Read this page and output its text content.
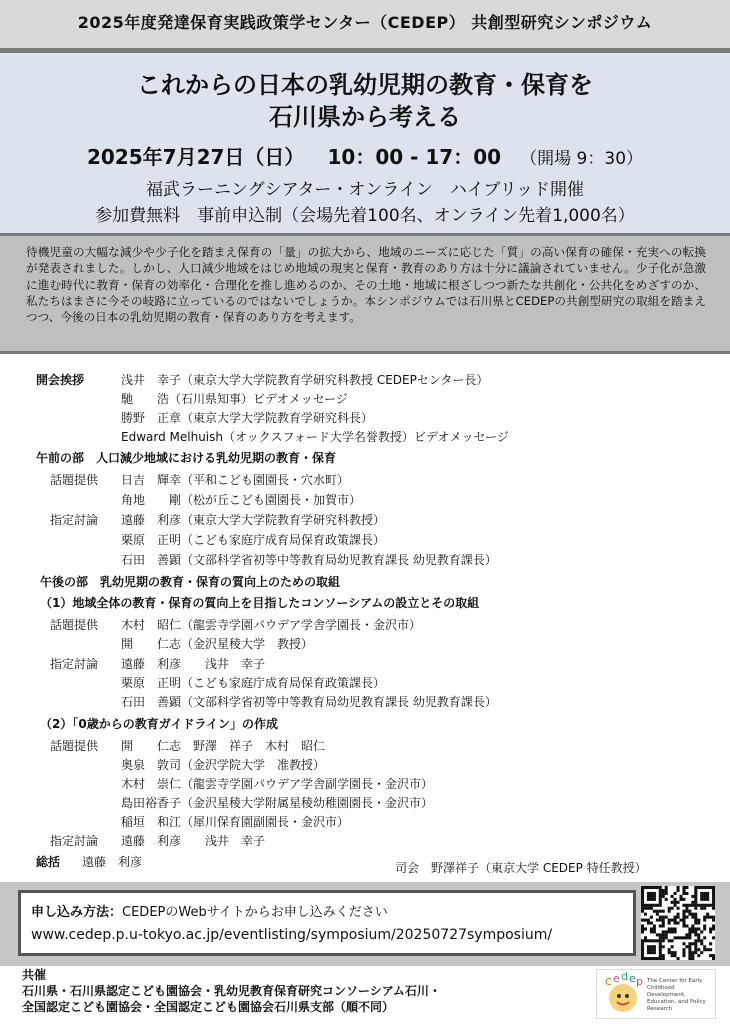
2025年度発達保育実践政策学センター（CEDEP） 共創型研究シンポジウム
これからの日本の乳幼児期の教育・保育を
石川県から考える
2025年7月27日（日） 10：00 - 17：00 （開場 9：30）
福武ラーニングシアター・オンライン　ハイブリッド開催
参加費無料　事前申込制（会場先着100名、オンライン先着1,000名）

待機児童の大幅な減少や少子化を踏まえ保育の「量」の拡大から、地域のニーズに応じた「質」の高い保育の確保・充実への転換が発表されました。しかし、人口減少地域をはじめ地域の現実と保育・教育のあり方は十分に議論されていません。少子化が急激に進む時代に教育・保育の効率化・合理化を推し進めるのか、その土地・地域に根ざしつつ新たな共創化・公共化をめざすのか、私たちはまさに今その岐路に立っているのではないでしょうか。本シンポジウムでは石川県とCEDEPの共創型研究の取組を踏まえつつ、今後の日本の乳幼児期の教育・保育のあり方を考えます。

開会挨拶	浅井　幸子（東京大学大学院教育学研究科教授 CEDEPセンター長）
馳　　浩（石川県知事）ビデオメッセージ
勝野　正章（東京大学大学院教育学研究科長）
Edward Melhuish（オックスフォード大学名誉教授）ビデオメッセージ
午前の部　人口減少地域における乳幼児期の教育・保育
話題提供 日吉　輝幸（平和こども園園長・穴水町）
角地　　剛（松が丘こども園園長・加賀市）
指定討論 遠藤　利彦（東京大学大学院教育学研究科教授）
栗原　正明（こども家庭庁成育局保育政策課長）
石田　善顕（文部科学省初等中等教育局幼児教育課長 幼児教育課長）
午後の部　乳幼児期の教育・保育の質向上のための取組
（1）地域全体の教育・保育の質向上を目指したコンソーシアムの設立とその取組
話題提供 木村　昭仁（龍雲寺学園パウデア学舎学園長・金沢市）
開　　仁志（金沢星稜大学　教授）
指定討論 遠藤　利彦　　浅井　幸子
栗原　正明（こども家庭庁成育局保育政策課長）
石田　善顕（文部科学省初等中等教育局幼児教育課長 幼児教育課長）
（2）「0歳からの教育ガイドライン」の作成
話題提供 開　　仁志　野澤　祥子　木村　昭仁
奥泉　敦司（金沢学院大学　准教授）
木村　崇仁（龍雲寺学園パウデア学舎副学園長・金沢市）
島田裕香子（金沢星稜大学附属星稜幼稚園園長・金沢市）
稲垣　和江（犀川保育園副園長・金沢市）
指定討論 遠藤　利彦　　浅井　幸子
総括 遠藤　利彦	司会　野澤祥子（東京大学 CEDEP 特任教授）
申し込み方法：CEDEPのWebサイトからお申し込みください
www.cedep.p.u-tokyo.ac.jp/eventlisting/symposium/20250727symposium/
共催
石川県・石川県認定こども園協会・乳幼児教育保育研究コンソーシアム石川・
全国認定こども園協会・全国認定こども園協会石川県支部（順不同）
c e d e p The Center for Early Childhood Development, Education, and Policy Research
